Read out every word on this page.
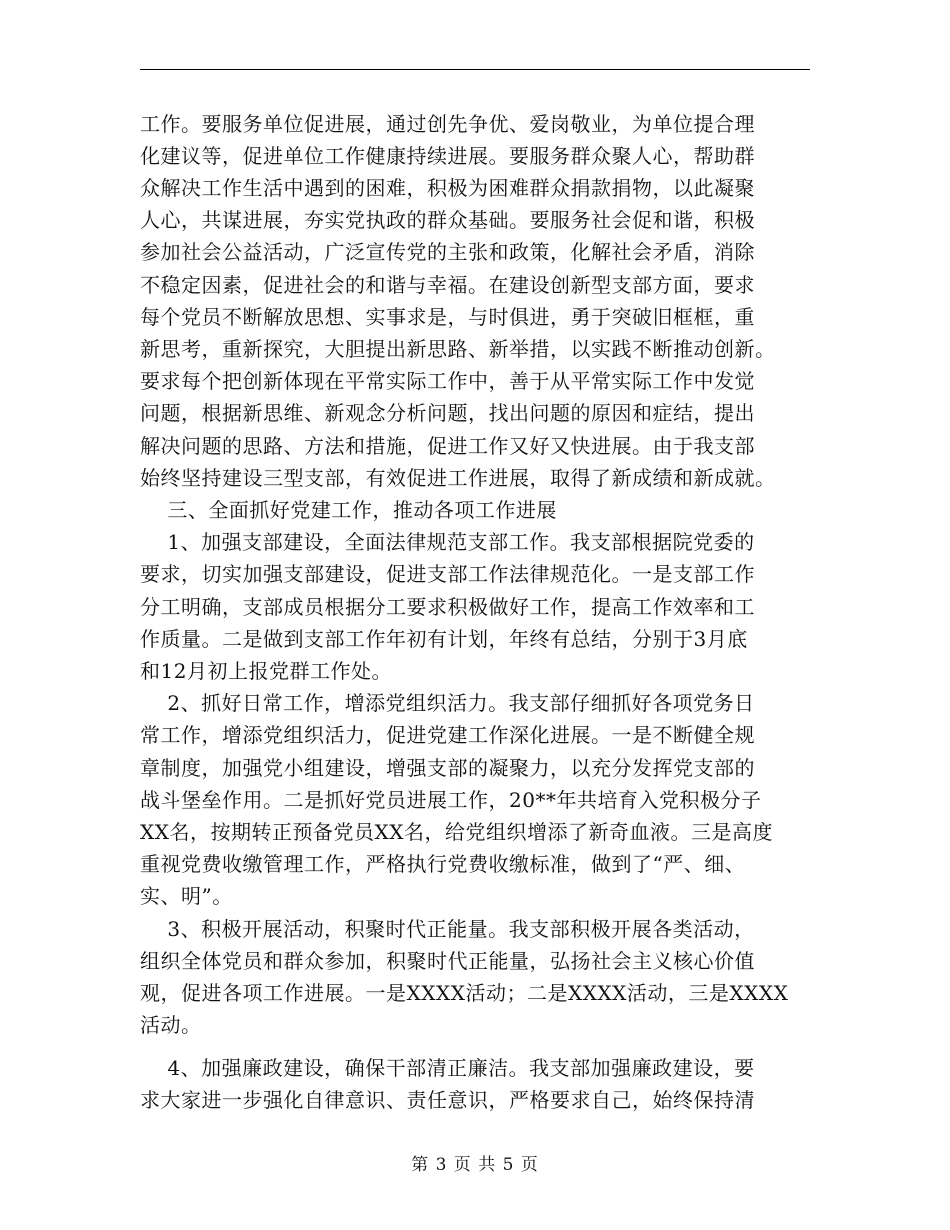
工作。要服务单位促进展，通过创先争优、爱岗敬业，为单位提合理
化建议等，促进单位工作健康持续进展。要服务群众聚人心，帮助群
众解决工作生活中遇到的困难，积极为困难群众捐款捐物，以此凝聚
人心，共谋进展，夯实党执政的群众基础。要服务社会促和谐，积极
参加社会公益活动，广泛宣传党的主张和政策，化解社会矛盾，消除
不稳定因素，促进社会的和谐与幸福。在建设创新型支部方面，要求
每个党员不断解放思想、实事求是，与时俱进，勇于突破旧框框，重
新思考，重新探究，大胆提出新思路、新举措，以实践不断推动创新。
要求每个把创新体现在平常实际工作中，善于从平常实际工作中发觉
问题，根据新思维、新观念分析问题，找出问题的原因和症结，提出
解决问题的思路、方法和措施，促进工作又好又快进展。由于我支部
始终坚持建设三型支部，有效促进工作进展，取得了新成绩和新成就。
三、全面抓好党建工作，推动各项工作进展
1、加强支部建设，全面法律规范支部工作。我支部根据院党委的
要求，切实加强支部建设，促进支部工作法律规范化。一是支部工作
分工明确，支部成员根据分工要求积极做好工作，提高工作效率和工
作质量。二是做到支部工作年初有计划，年终有总结，分别于3月底
和12月初上报党群工作处。
2、抓好日常工作，增添党组织活力。我支部仔细抓好各项党务日
常工作，增添党组织活力，促进党建工作深化进展。一是不断健全规
章制度，加强党小组建设，增强支部的凝聚力，以充分发挥党支部的
战斗堡垒作用。二是抓好党员进展工作，20**年共培育入党积极分子
XX名，按期转正预备党员XX名，给党组织增添了新奇血液。三是高度
重视党费收缴管理工作，严格执行党费收缴标准，做到了“严、细、
实、明”。
3、积极开展活动，积聚时代正能量。我支部积极开展各类活动，
组织全体党员和群众参加，积聚时代正能量，弘扬社会主义核心价值
观，促进各项工作进展。一是XXXX活动；二是XXXX活动，三是XXXX
活动。
4、加强廉政建设，确保干部清正廉洁。我支部加强廉政建设，要
求大家进一步强化自律意识、责任意识，严格要求自己，始终保持清
第 3 页 共 5 页
